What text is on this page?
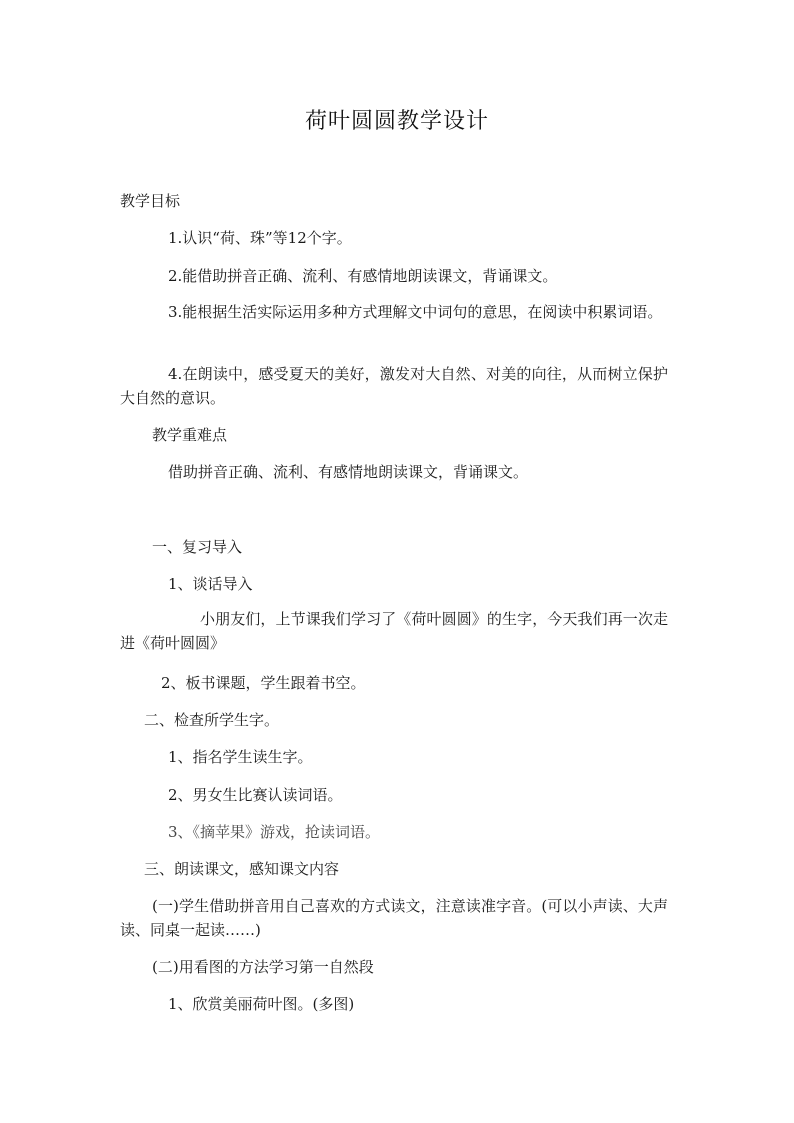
荷叶圆圆教学设计
教学目标
1.认识“荷、珠”等12个字。
2.能借助拼音正确、流利、有感情地朗读课文，背诵课文。
3.能根据生活实际运用多种方式理解文中词句的意思，在阅读中积累词语。
4.在朗读中，感受夏天的美好，激发对大自然、对美的向往，从而树立保护大自然的意识。
教学重难点
借助拼音正确、流利、有感情地朗读课文，背诵课文。
一、复习导入
1、谈话导入
小朋友们，上节课我们学习了《荷叶圆圆》的生字，今天我们再一次走进《荷叶圆圆》
2、板书课题，学生跟着书空。
二、检查所学生字。
1、指名学生读生字。
2、男女生比赛认读词语。
3、《摘苹果》游戏，抢读词语。
三、朗读课文，感知课文内容
(一)学生借助拼音用自己喜欢的方式读文，注意读准字音。(可以小声读、大声读、同桌一起读……)
(二)用看图的方法学习第一自然段
1、欣赏美丽荷叶图。(多图)
